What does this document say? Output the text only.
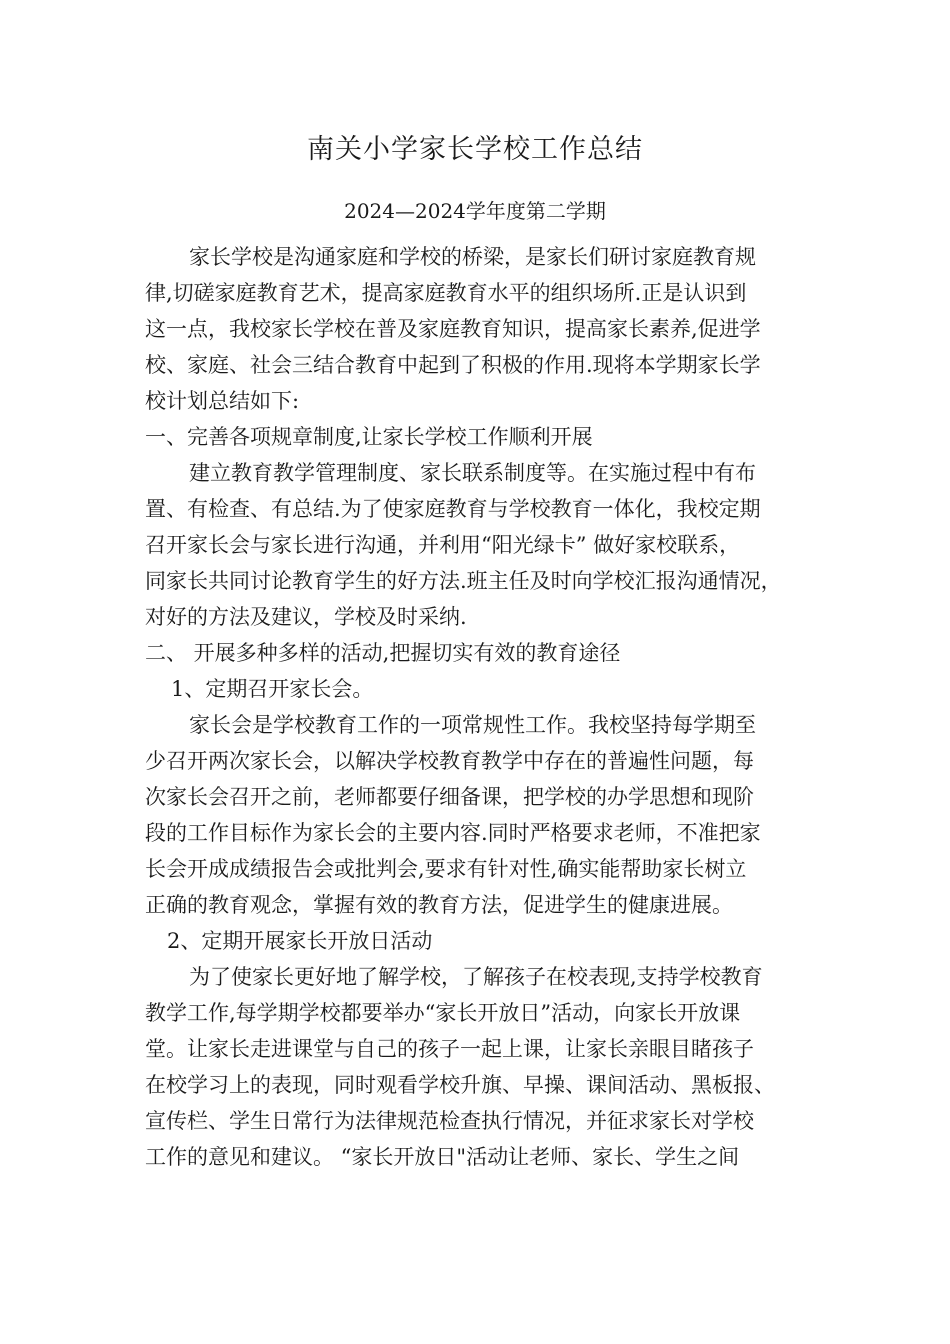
南关小学家长学校工作总结
2024—2024学年度第二学期
家长学校是沟通家庭和学校的桥梁，是家长们研讨家庭教育规
律,切磋家庭教育艺术，提高家庭教育水平的组织场所.正是认识到
这一点，我校家长学校在普及家庭教育知识，提高家长素养,促进学
校、家庭、社会三结合教育中起到了积极的作用.现将本学期家长学
校计划总结如下:
一、完善各项规章制度,让家长学校工作顺利开展
建立教育教学管理制度、家长联系制度等。在实施过程中有布
置、有检查、有总结.为了使家庭教育与学校教育一体化，我校定期
召开家长会与家长进行沟通，并利用“阳光绿卡” 做好家校联系，
同家长共同讨论教育学生的好方法.班主任及时向学校汇报沟通情况，
对好的方法及建议，学校及时采纳.
二、 开展多种多样的活动,把握切实有效的教育途径
1、定期召开家长会。
家长会是学校教育工作的一项常规性工作。我校坚持每学期至
少召开两次家长会，以解决学校教育教学中存在的普遍性问题，每
次家长会召开之前，老师都要仔细备课，把学校的办学思想和现阶
段的工作目标作为家长会的主要内容.同时严格要求老师，不准把家
长会开成成绩报告会或批判会,要求有针对性,确实能帮助家长树立
正确的教育观念，掌握有效的教育方法，促进学生的健康进展。
2、定期开展家长开放日活动
为了使家长更好地了解学校，了解孩子在校表现,支持学校教育
教学工作,每学期学校都要举办“家长开放日”活动，向家长开放课
堂。让家长走进课堂与自己的孩子一起上课，让家长亲眼目睹孩子
在校学习上的表现，同时观看学校升旗、早操、课间活动、黑板报、
宣传栏、学生日常行为法律规范检查执行情况，并征求家长对学校
工作的意见和建议。 “家长开放日"活动让老师、家长、学生之间
